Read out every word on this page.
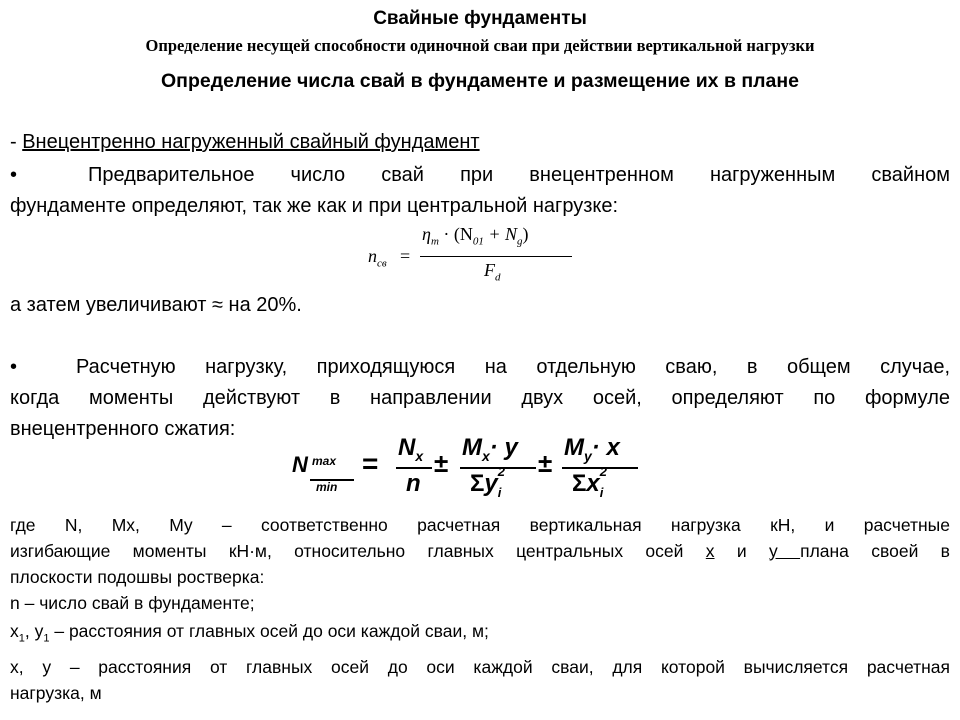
Свайные фундаменты
Определение несущей способности одиночной сваи при действии вертикальной нагрузки
Определение числа свай в фундаменте и размещение их в плане
- Внецентренно нагруженный свайный фундамент
•	Предварительное число свай при внецентренном нагруженным свайном
фундаменте определяют, так же как и при центральной нагрузке:
$n_{св}$ =
$\eta_m \cdot (N_{01} + N_g)$
$F_d$
а затем увеличивают ≈ на 20%.
•	Расчетную нагрузку, приходящуюся на отдельную сваю, в общем случае,
когда моменты действуют в направлении двух осей, определяют по формуле
внецентренного сжатия:
N max
min
=
$N_x$
n
±
$M_x\cdot y$
$\Sigma y_i$
2 ±
$M_y\cdot x$
$\Sigma x_i$
2
где N, Mx, My – соответственно расчетная вертикальная нагрузка кН, и расчетные
изгибающие моменты кН·м, относительно главных центральных осей х и у плана своей в
плоскости подошвы ростверка:
n – число свай в фундаменте;
$x_1$, $y_1$ – расстояния от главных осей до оси каждой сваи, м;
x, y – расстояния от главных осей до оси каждой сваи, для которой вычисляется расчетная
нагрузка, м
